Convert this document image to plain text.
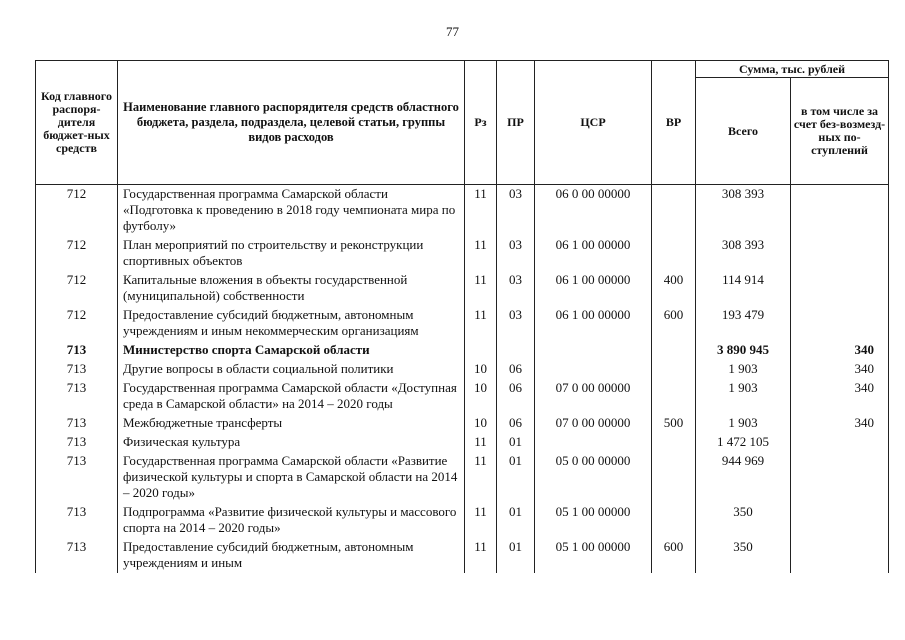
77
Код главного распоря-дителя бюджет-ных средств	Наименование главного распорядителя средств областного бюджета, раздела, подраздела, целевой статьи, группы видов расходов	Рз	ПР	ЦСР	ВР	Сумма, тыс. рублей	
						Всего	в том числе за счет без-возмезд-ных по-ступлений
712	Государственная программа Самарской области «Подготовка к проведению в 2018 году чемпионата мира по футболу»	11	03	06 0 00 00000		308 393	
712	План мероприятий по строительству и реконструкции спортивных объектов	11	03	06 1 00 00000		308 393	
712	Капитальные вложения в объекты государственной (муниципальной) собственности	11	03	06 1 00 00000	400	114 914	
712	Предоставление субсидий бюджетным, автономным учреждениям и иным некоммерческим организациям	11	03	06 1 00 00000	600	193 479	
713	Министерство спорта Самарской области					3 890 945	340
713	Другие вопросы в области социальной политики	10	06			1 903	340
713	Государственная программа Самарской области «Доступная среда в Самарской области» на 2014 – 2020 годы	10	06	07 0 00 00000		1 903	340
713	Межбюджетные трансферты	10	06	07 0 00 00000	500	1 903	340
713	Физическая культура	11	01			1 472 105	
713	Государственная программа Самарской области «Развитие физической культуры и спорта в Самарской области на 2014 – 2020 годы»	11	01	05 0 00 00000		944 969	
713	Подпрограмма «Развитие физической культуры и массового спорта на 2014 – 2020 годы»	11	01	05 1 00 00000		350	
713	Предоставление субсидий бюджетным, автономным учреждениям и иным	11	01	05 1 00 00000	600	350	
